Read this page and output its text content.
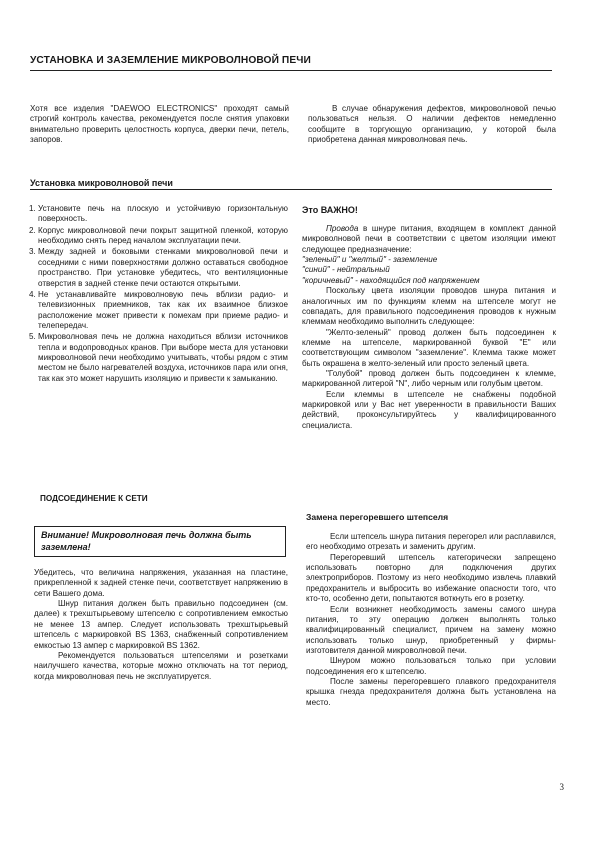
УСТАНОВКА И ЗАЗЕМЛЕНИЕ МИКРОВОЛНОВОЙ ПЕЧИ
Хотя все изделия "DAEWOO ELECTRONICS" проходят самый строгий контроль качества, рекомендуется после снятия упаковки внимательно проверить целостность корпуса, дверки печи, петель, запоров.
В случае обнаружения дефектов, микроволновой печью пользоваться нельзя. О наличии дефектов немедленно сообщите в торгующую организацию, у которой была приобретена данная микроволновая печь.
Установка микроволновой печи
1. Установите печь на плоскую и устойчивую горизонтальную поверхность.
2. Корпус микроволновой печи покрыт защитной пленкой, которую необходимо снять перед началом эксплуатации печи.
3. Между задней и боковыми стенками микроволновой печи и соседними с ними поверхностями должно оставаться свободное пространство. При установке убедитесь, что вентиляционные отверстия в задней стенке печи остаются открытыми.
4. Не устанавливайте микроволновую печь вблизи радио- и телевизионных приемников, так как их взаимное близкое расположение может привести к помехам при приеме радио- и телепередач.
5. Микроволновая печь не должна находиться вблизи источников тепла и водопроводных кранов. При выборе места для установки микроволновой печи необходимо учитывать, чтобы рядом с этим местом не было нагревателей воздуха, источников пара или огня, так как это может нарушить изоляцию и привести к замыканию.
ПОДСОЕДИНЕНИЕ К СЕТИ
Внимание! Микроволновая печь должна быть заземлена!

Убедитесь, что величина напряжения, указанная на пластине, прикрепленной к задней стенке печи, соответствует напряжению в сети Вашего дома.

Шнур питания должен быть правильно подсоединен (см. далее) к трехштырьевому штепселю с сопротивлением емкостью не менее 13 ампер. Следует использовать трехштырьевый штепсель с маркировкой BS 1363, снабженный сопротивлением емкостью 13 ампер с маркировкой BS 1362.

Рекомендуется пользоваться штепселями и розетками наилучшего качества, которые можно отключать на тот период, когда микроволновая печь не эксплуатируется.

Это ВАЖНО!

Провода в шнуре питания, входящем в комплект данной микроволновой печи в соответствии с цветом изоляции имеют следующее предназначение:

"зеленый" и "желтый" - заземление

"синий" - нейтральный

"коричневый" - находящийся под напряжением

Поскольку цвета изоляции проводов шнура питания и аналогичных им по функциям клемм на штепселе могут не совпадать, для правильного подсоединения проводов к нужным клеммам необходимо выполнить следующее:

"Желто-зеленый" провод должен быть подсоединен к клемме на штепселе, маркированной буквой "E" или соответствующим символом "заземление". Клемма также может быть окрашена в желто-зеленый или просто зеленый цвета.

"Голубой" провод должен быть подсоединен к клемме, маркированной литерой "N", либо черным или голубым цветом.

Если клеммы в штепселе не снабжены подобной маркировкой или у Вас нет уверенности в правильности Ваших действий, проконсультируйтесь у квалифицированного специалиста.

Замена перегоревшего штепселя

Если штепсель шнура питания перегорел или расплавился, его необходимо отрезать и заменить другим.

Перегоревший штепсель категорически запрещено использовать повторно для подключения других электроприборов. Поэтому из него необходимо извлечь плавкий предохранитель и выбросить во избежание опасности того, что кто-то, особенно дети, попытаются воткнуть его в розетку.

Если возникнет необходимость замены самого шнура питания, то эту операцию должен выполнять только квалифицированный специалист, причем на замену можно использовать только шнур, приобретенный у фирмы-изготовителя данной микроволновой печи.

Шнуром можно пользоваться только при условии подсоединения его к штепселю.

После замены перегоревшего плавкого предохранителя крышка гнезда предохранителя должна быть установлена на место.

3
